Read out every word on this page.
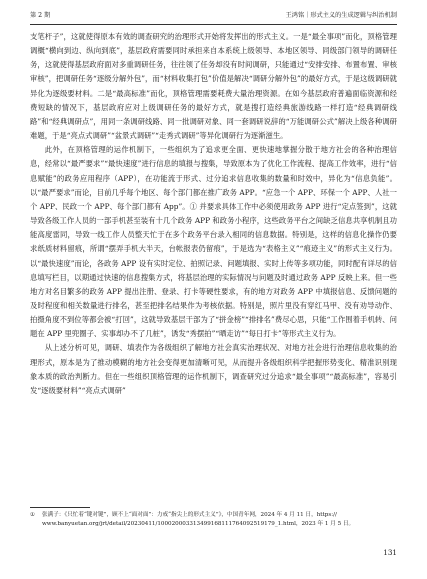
第 2 期	王鸿铭｜形式主义的生成逻辑与纠治机制

支笔杆子”，这就使得原本有效的调查研究的治理形式开始将发挥出的形式主义。一是“最全事项”而化，顶格管理调概“横向到边、纵向到底”，基层政府需要同时承担来自本系统上级领导、本地区领导、同级部门领导的调研任务，这就使得基层政府面对多重调研任务，往往领了任务却没有时间调研，只能通过“安排安排、布置布置、审核审核”，把调研任务“逐级分解外包”，而“材料收集打包”价值是解决“调研分解外包”的最好方式，于是这级调研就异化为逐级要材料。二是“最高标准”而化，顶格管理需要耗费大量治理资源。在如今基层政府普遍面临资源和经费短缺的情况下，基层政府应对上级调研任务的最好方式，就是搜打造经典旅游线路一样打造“经典调研线路”和“经典调研点”，用同一条调研线路、同一批调研对象、同一套调研说辞的“万能调研公式”解决上级各种调研难题，于是“亮点式调研”“盆景式调研”“走秀式调研”等异化调研行为逐渐滋生。

此外，在顶格管理的运作机制下，一些组织为了追求更全面、更快速地掌握分散于地方社会的各种治理信息，经常以“最严要求”“最快速度”进行信息的填报与搜集，导致原本为了优化工作流程、提高工作效率，进行“信息赋能”的政务应用程序（APP），在功能流于形式、过分追求信息收集的数量和时效中，异化为“信息负能”。以“最严要求”而论，目前几乎每个地区、每个部门都在推广政务 APP。“应急一个 APP、环保一个 APP、人社一个 APP、民政一个 APP、每个部门都有 App”。① 并要求具体工作中必须使用政务 APP 进行“定点签到”，这就导致各级工作人员的一部手机甚至装有十几个政务 APP 和政务小程序，这些政务平台之间缺乏信息共享机制且功能高度雷同，导致一线工作人员整天忙于在多个政务平台录入相同的信息数据。特别是，这样的信息化操作仍要求纸质材料留痕，所谓“摆弄手机大半天，台帐报表仍留痕”，于是选为“表格主义”“痕迹主义”的形式主义行为。以“最快速度”而论，各政务 APP 设有实时定位、拍照记录、问题填报、实时上传等多项功能，同时配有详尽的信息填写栏目，以期通过快速的信息搜集方式，将基层治理的实际情况与问题及时通过政务 APP 反映上来。但一些地方对名目繁多的政务 APP 提出注册、登录、打卡等硬性要求，有的地方对政务 APP 中填报信息、反馈问题的及时程度和相关数量进行排名，甚至把排名结果作为考核依据。特别是，照片里没有穿红马甲、没有劝导动作、拍摄角度不到位等都会被“打回”，这就导致基层干部为了“拼金榜”“排排名”费尽心思，只能“工作围着手机转、问题在 APP 里兜圈子、实事却办不了几桩”，诱发“秀摆拍”“晒走访”“每日打卡”等形式主义行为。

从上述分析可见，调研、填表作为各级组织了解地方社会真实治理状况、对地方社会进行治理信息收集的治理形式，原本是为了推动模糊的地方社会变得更加清晰可见，从而提升各级组织科学把握形势变化、精准识别现象本质的政治判断力。但在一些组织顶格管理的运作机制下，调查研究过分追求“最全事项”“最高标准”，容易引发“逐级要材料”“亮点式调研”

① 张满子：《只忙着“键对键”，顾不上“面对面”：力戒“指尖上的形式主义”》，中国青年网，2024 年 4 月 11 日，https://
www.banyuetan.org/jrt/detail/20230411/1000200033134991681117640925191​79_1.html，2023 年 1 月 5 日。
131
